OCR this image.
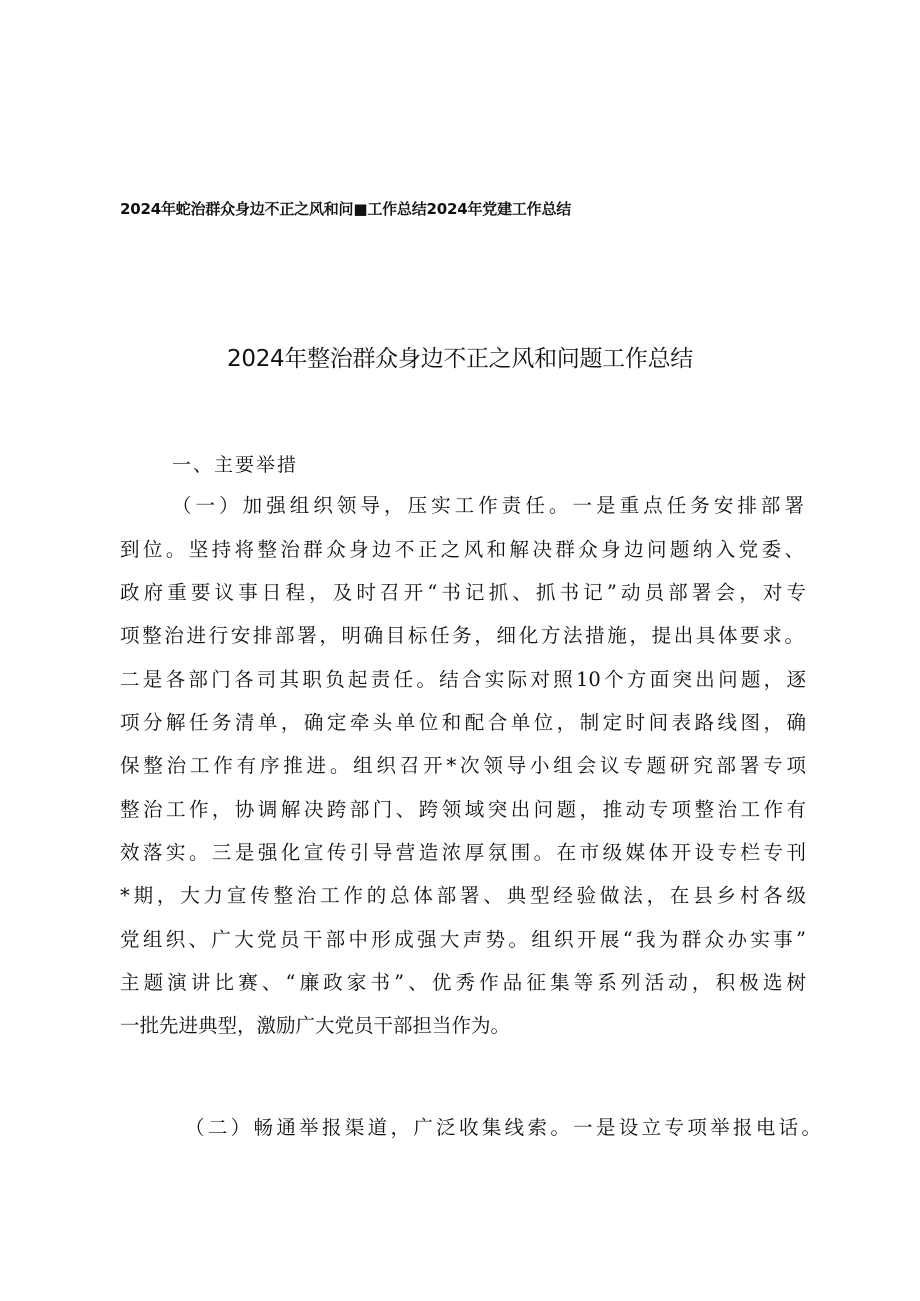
2024年蛇治群众身边不正之风和问■工作总结2024年党建工作总结
2024年整治群众身边不正之风和问题工作总结
一、主要举措
（一）加强组织领导，压实工作责任。一是重点任务安排部署
到位。坚持将整治群众身边不正之风和解决群众身边问题纳入党委、
政府重要议事日程，及时召开“书记抓、抓书记”动员部署会，对专
项整治进行安排部署，明确目标任务，细化方法措施，提出具体要求。
二是各部门各司其职负起责任。结合实际对照10个方面突出问题，逐
项分解任务清单，确定牵头单位和配合单位，制定时间表路线图，确
保整治工作有序推进。组织召开*次领导小组会议专题研究部署专项
整治工作，协调解决跨部门、跨领域突出问题，推动专项整治工作有
效落实。三是强化宣传引导营造浓厚氛围。在市级媒体开设专栏专刊
*期，大力宣传整治工作的总体部署、典型经验做法，在县乡村各级
党组织、广大党员干部中形成强大声势。组织开展“我为群众办实事”
主题演讲比赛、“廉政家书”、优秀作品征集等系列活动，积极选树
一批先进典型，激励广大党员干部担当作为。
（二）畅通举报渠道，广泛收集线索。一是设立专项举报电话。
